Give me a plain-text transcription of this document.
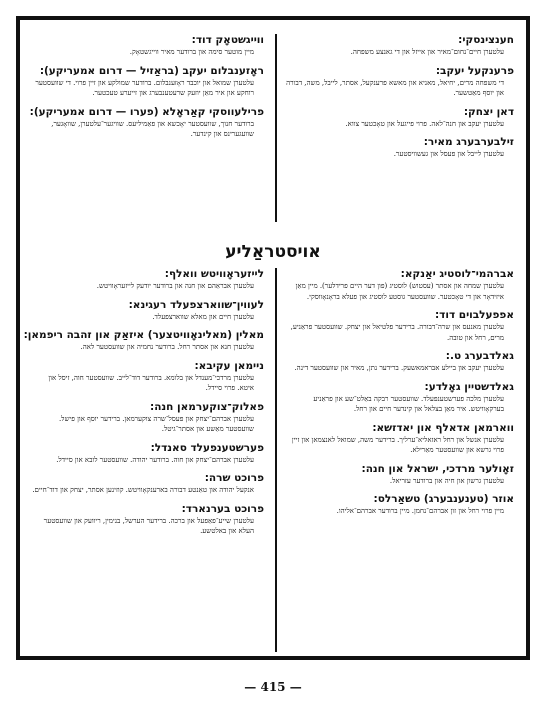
חענצינסקי:
עלטערן חיים־נחום־מאיר און אייזל און די גאנצע משפחה.
פרענקעל יעקב:
די משפחה מרים, יחיאל, מאניא און מאשא פרענקעל, אסתר, לייבל, משה, דבורה און יוסף מאַטשער.
דאן יצחק:
עלטערן יעקב און חנה־לאה. פרוי פייגעל און טאָכטער צווא.
זילבערבערג מאיר:
עלטערן לייבל און פעסל און געשוויסטער.
ווייגשטאָק דוד:
מיין מוטער סימה און ברודער מאיר ווייגשטאָק.
ראָזענבלום יעקב (בראַזיל — דרום אמעריקע):
עלטערן שמואל און יוכבד ראָזענבלום. ברודער שמולקע און זיין פרוי. די שוועסטער רוחקע און איר מאַן יוזעק שרעטענבערג און זייערע טעכטער.
פרילעווסקי קאַראָלא (פערו — דרום אמעריקע):
ברודער חנוך, שוועסטער יאָכשא און פאַמיליעס. שוויגער־עלטערן, שוואָגער, שוועגערינס און קינדער.
אויסטראַליע
אברהמי־לוסטיג יאַנקא:
עלטערן שמחה און אסתר (עסטוש) לוסטיג (פון דער היים פרידלער). מיין מאַן איזידאָר און די טאָכטער. שוועסטער גוסטע לוסטיג און פעלא בראָנאָווסקי.
אפפעלבוים דוד:
עלטערן מאנעס און שרה־דבורה. ברידער פלטיאל און יצחק. שוועסטער פראַניע, מרים, רחל און טובה.
גאלדבערג ט.:
עלטערן יעקב און ביילע אבראמאשעק. ברידער נתן, מאיר און שוועסטער דינה.
גאלדשטיין גאָלדע:
עלטערן מלכה פערשטענפעלד. שוועסטער רבקה באַלט־שע און פראַניע בערקאָוויטש. איר מאַן בצלאל און קינדער חיים און רחל.
ווארמאן אדאלף און יאדזשא:
עלטערן אנשל און רחל ראזאליא־ערליך. ברידער משה, שמואל לאנצמאן און זיין פרוי גרשא און שוועסטער מאַרילא.
זאָולער מרדכי, ישראל און חנה:
עלטערן גרשון און חיה און ברודער עזריאל.
אוזר (טענענבערג) טשאַרלס:
מיין פרוי רחל און זון אברהם־נחמן. מיין ברודער אברהם־אליהו.
לייזעראָוויטש וואלף:
עלטערן אבראַהם און חנה און ברודער יודעק לייזעראָוויטש.
לעווין־שווארצפעלד רעגינא:
עלטערן חיים און מאלא שווארצפעלד.
מאלין (מאלינאָוויטצער) איזאַק און זהבה ריפמאן:
עלטערן חנא און אסתר רחל. ברודער נחמיה און שוועסטער לאה.
ניימאן עקיבא:
עלטערן מרדכי־מענדל און בלומא. ברודער דוד־לייב. שוועסטער חוה, זיסל און איטא. פרוי סיידל.
פאלוק־צוקערמאן חנה:
עלטערן אברהם־יצחק און פעסל־שרה צוקערמאן. ברידער יוסף און פישל. שוועסטער מאַשע און אסתר־גיטל.
פערשטענפעלד סאנדל:
עלטערן אברהם־יצחק און חוה. ברודער יהודה. שוועסטער לובא און סיידל.
פרוכט שרה:
אנקעל יהודה און טאַנטע דבורה בארענקאָוויטש. קוזינען אסתר, יצחק און דוד־חיים.
פרוכט בערנארד:
עלטערן שייע־פאַפעל און ברכה. ברידער הערשל, בנימין, ריוועק און שוועסטער העלא און באלטשע.
— 415 —
